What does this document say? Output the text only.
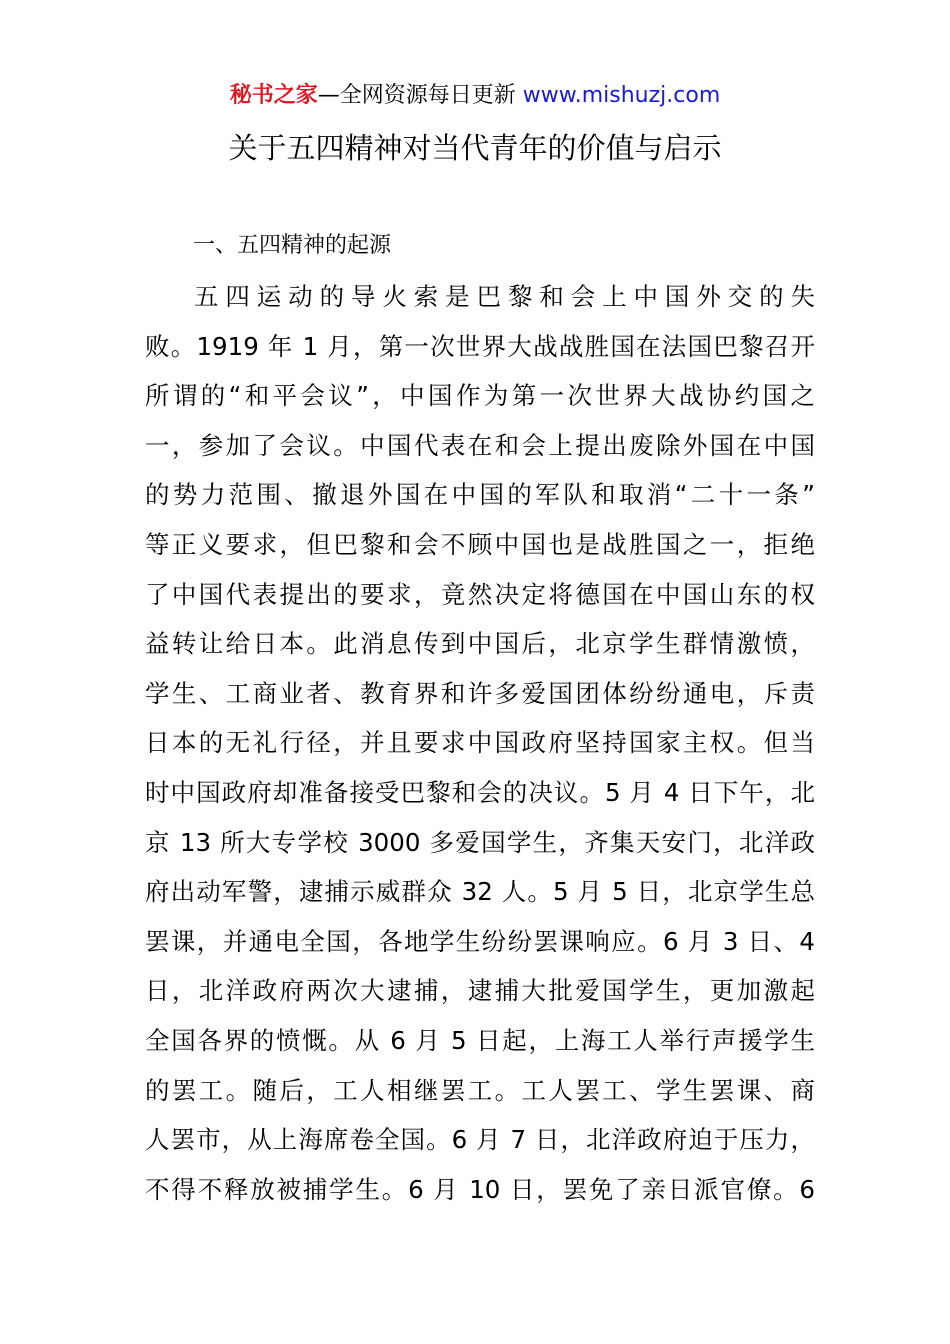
秘书之家—全网资源每日更新 www.mishuzj.com
关于五四精神对当代青年的价值与启示
一、五四精神的起源
五四运动的导火索是巴黎和会上中国外交的失
败。1919 年 1 月，第一次世界大战战胜国在法国巴黎召开
所谓的“和平会议”，中国作为第一次世界大战协约国之
一，参加了会议。中国代表在和会上提出废除外国在中国
的势力范围、撤退外国在中国的军队和取消“二十一条”
等正义要求，但巴黎和会不顾中国也是战胜国之一，拒绝
了中国代表提出的要求，竟然决定将德国在中国山东的权
益转让给日本。此消息传到中国后，北京学生群情激愤，
学生、工商业者、教育界和许多爱国团体纷纷通电，斥责
日本的无礼行径，并且要求中国政府坚持国家主权。但当
时中国政府却准备接受巴黎和会的决议。5 月 4 日下午，北
京 13 所大专学校 3000 多爱国学生，齐集天安门，北洋政
府出动军警，逮捕示威群众 32 人。5 月 5 日，北京学生总
罢课，并通电全国，各地学生纷纷罢课响应。6 月 3 日、4
日，北洋政府两次大逮捕，逮捕大批爱国学生，更加激起
全国各界的愤慨。从 6 月 5 日起，上海工人举行声援学生
的罢工。随后，工人相继罢工。工人罢工、学生罢课、商
人罢市，从上海席卷全国。6 月 7 日，北洋政府迫于压力，
不得不释放被捕学生。6 月 10 日，罢免了亲日派官僚。6
